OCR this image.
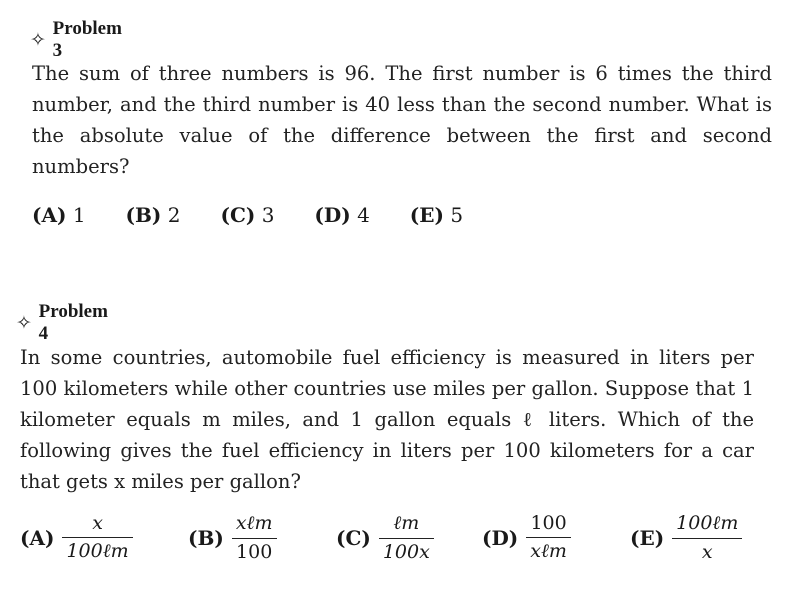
✧
Problem 3
The sum of three numbers is 96. The first number is 6 times the third number, and the third number is 40 less than the second number. What is the absolute value of the difference between the first and second numbers?
(A) 1 (B) 2 (C) 3 (D) 4 (E) 5
✧
Problem 4
In some countries, automobile fuel efficiency is measured in liters per 100 kilometers while other countries use miles per gallon. Suppose that 1 kilometer equals m miles, and 1 gallon equals ℓ liters. Which of the following gives the fuel efficiency in liters per 100 kilometers for a car that gets x miles per gallon?
$(A) \frac{x}{\text{100ℓm}}$	$(B) \frac{\text{xℓm}}{100}$	$(C) \frac{\text{ℓm}}{100x} (D) \frac{100}{\text{xℓm}}$	$(E) \frac{\text{100ℓm}}{x}$
